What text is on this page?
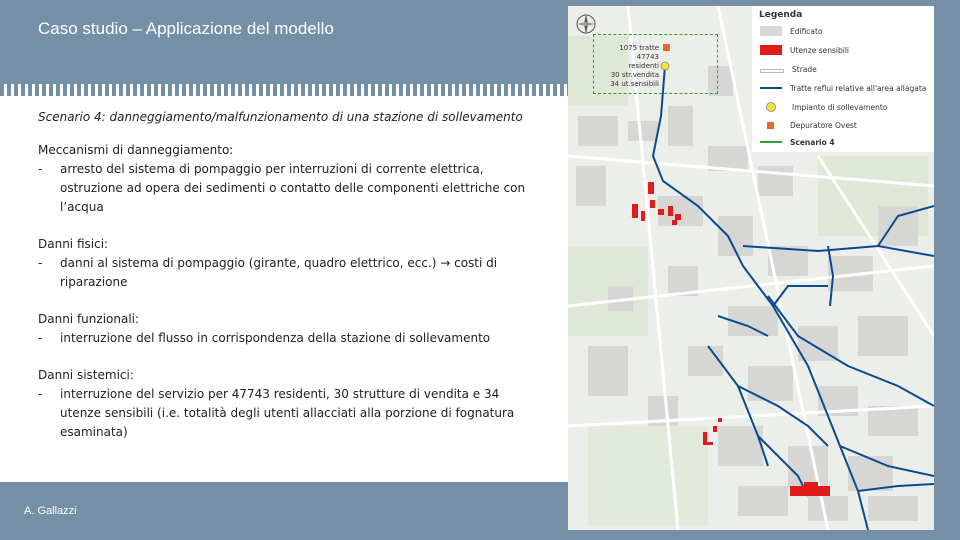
Caso studio – Applicazione del modello
Scenario 4: danneggiamento/malfunzionamento di una stazione di sollevamento
Meccanismi di danneggiamento:
-	arresto del sistema di pompaggio per interruzioni di corrente elettrica, ostruzione ad opera dei sedimenti o contatto delle componenti elettriche con l’acqua
Danni fisici:
-	danni al sistema di pompaggio (girante, quadro elettrico, ecc.) → costi di riparazione
Danni funzionali:
-	interruzione del flusso in corrispondenza della stazione di sollevamento
Danni sistemici:
-	interruzione del servizio per 47743 residenti, 30 strutture di vendita e 34 utenze sensibili (i.e. totalità degli utenti allacciati alla porzione di fognatura esaminata)
A. Gallazzi
1075 tratte
47743 residenti
30 str.vendita
34 ut.sensibili
Legenda
Edificato
Utenze sensibili
Strade
Tratte reflui relative all'area allagata
Impianto di sollevamento
Depuratore Ovest
Scenario 4
